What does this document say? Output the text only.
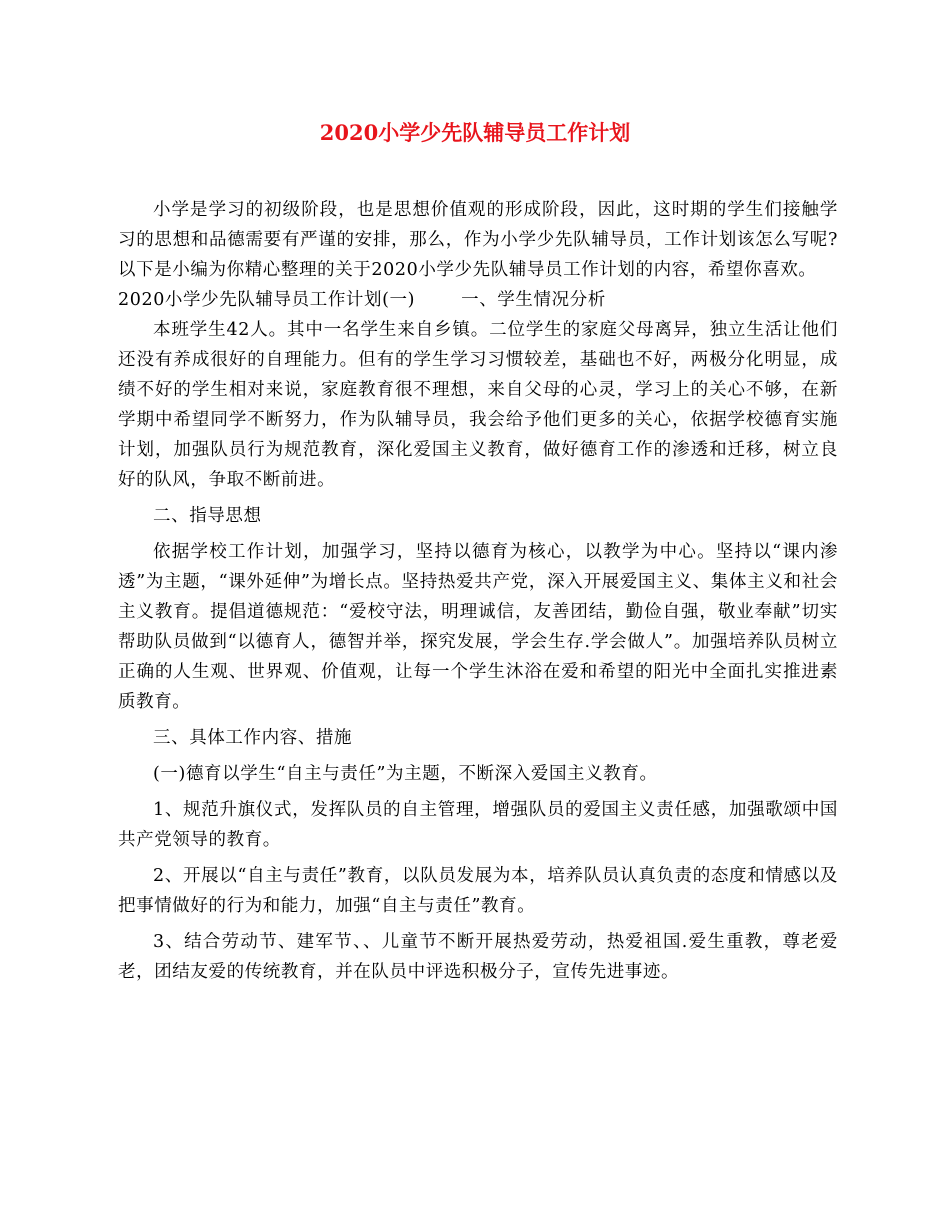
2020小学少先队辅导员工作计划

小学是学习的初级阶段，也是思想价值观的形成阶段，因此，这时期的学生们接触学习的思想和品德需要有严谨的安排，那么，作为小学少先队辅导员，工作计划该怎么写呢?以下是小编为你精心整理的关于2020小学少先队辅导员工作计划的内容，希望你喜欢。

2020小学少先队辅导员工作计划(一)	一、学生情况分析

本班学生42人。其中一名学生来自乡镇。二位学生的家庭父母离异，独立生活让他们还没有养成很好的自理能力。但有的学生学习习惯较差，基础也不好，两极分化明显，成绩不好的学生相对来说，家庭教育很不理想，来自父母的心灵，学习上的关心不够，在新学期中希望同学不断努力，作为队辅导员，我会给予他们更多的关心，依据学校德育实施计划，加强队员行为规范教育，深化爱国主义教育，做好德育工作的渗透和迁移，树立良好的队风，争取不断前进。

二、指导思想

依据学校工作计划，加强学习，坚持以德育为核心，以教学为中心。坚持以“课内渗透”为主题，“课外延伸”为增长点。坚持热爱共产党，深入开展爱国主义、集体主义和社会主义教育。提倡道德规范：“爱校守法，明理诚信，友善团结，勤俭自强，敬业奉献”切实帮助队员做到“以德育人，德智并举，探究发展，学会生存.学会做人”。加强培养队员树立正确的人生观、世界观、价值观，让每一个学生沐浴在爱和希望的阳光中全面扎实推进素质教育。

三、具体工作内容、措施

(一)德育以学生“自主与责任”为主题，不断深入爱国主义教育。

1、规范升旗仪式，发挥队员的自主管理，增强队员的爱国主义责任感，加强歌颂中国共产党领导的教育。

2、开展以“自主与责任”教育，以队员发展为本，培养队员认真负责的态度和情感以及把事情做好的行为和能力，加强“自主与责任”教育。

3、结合劳动节、建军节、、儿童节不断开展热爱劳动，热爱祖国.爱生重教，尊老爱老，团结友爱的传统教育，并在队员中评选积极分子，宣传先进事迹。
